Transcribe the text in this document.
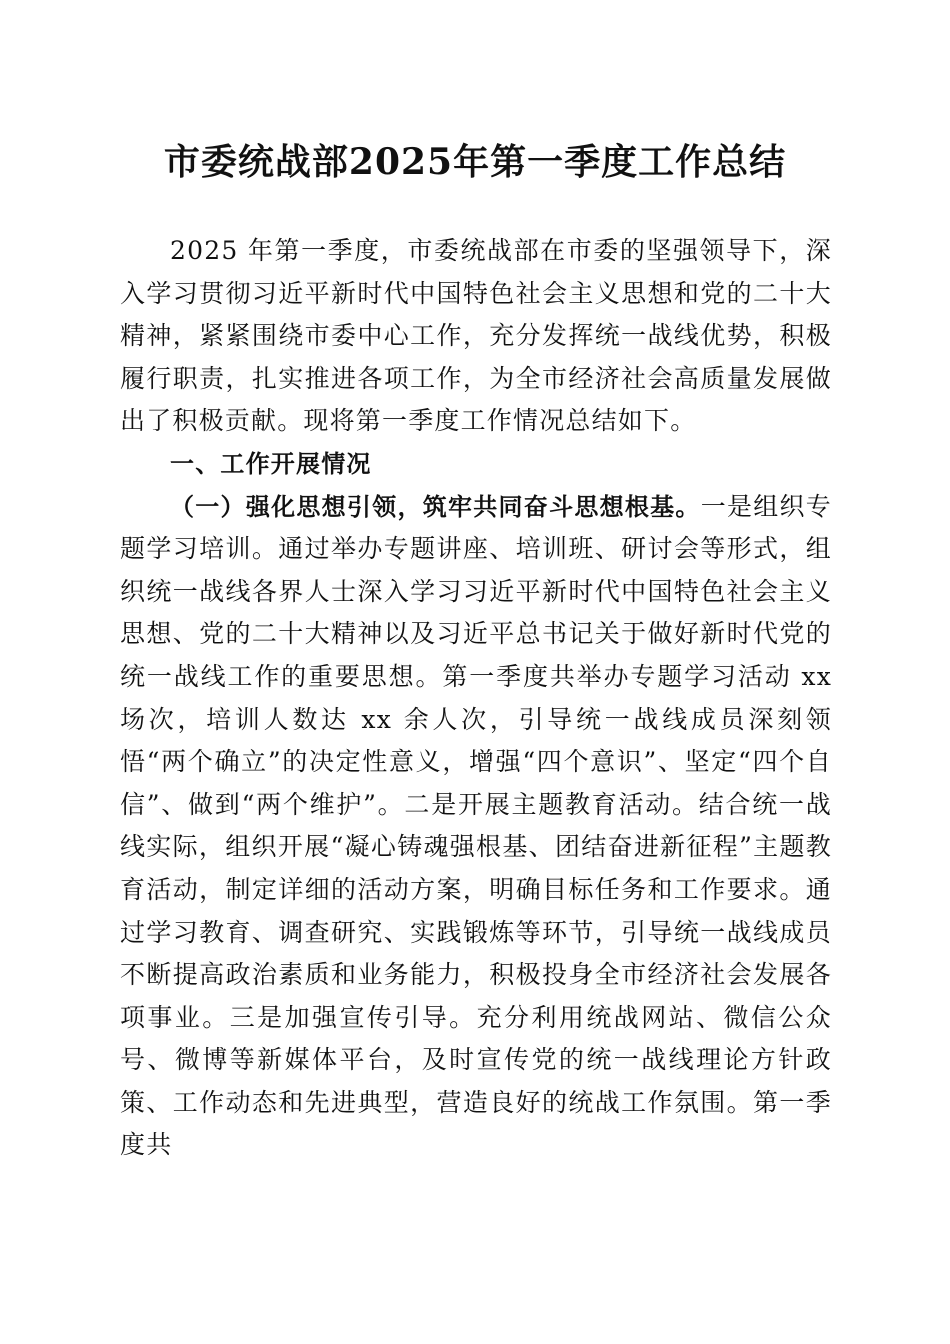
市委统战部2025年第一季度工作总结

2025 年第一季度，市委统战部在市委的坚强领导下，深入学习贯彻习近平新时代中国特色社会主义思想和党的二十大精神，紧紧围绕市委中心工作，充分发挥统一战线优势，积极履行职责，扎实推进各项工作，为全市经济社会高质量发展做出了积极贡献。现将第一季度工作情况总结如下。

一、工作开展情况

（一）强化思想引领，筑牢共同奋斗思想根基。一是组织专题学习培训。通过举办专题讲座、培训班、研讨会等形式，组织统一战线各界人士深入学习习近平新时代中国特色社会主义思想、党的二十大精神以及习近平总书记关于做好新时代党的统一战线工作的重要思想。第一季度共举办专题学习活动 xx 场次，培训人数达 xx 余人次，引导统一战线成员深刻领悟“两个确立”的决定性意义，增强“四个意识”、坚定“四个自信”、做到“两个维护”。二是开展主题教育活动。结合统一战线实际，组织开展“凝心铸魂强根基、团结奋进新征程”主题教育活动，制定详细的活动方案，明确目标任务和工作要求。通过学习教育、调查研究、实践锻炼等环节，引导统一战线成员不断提高政治素质和业务能力，积极投身全市经济社会发展各项事业。三是加强宣传引导。充分利用统战网站、微信公众号、微博等新媒体平台，及时宣传党的统一战线理论方针政策、工作动态和先进典型，营造良好的统战工作氛围。第一季度共
